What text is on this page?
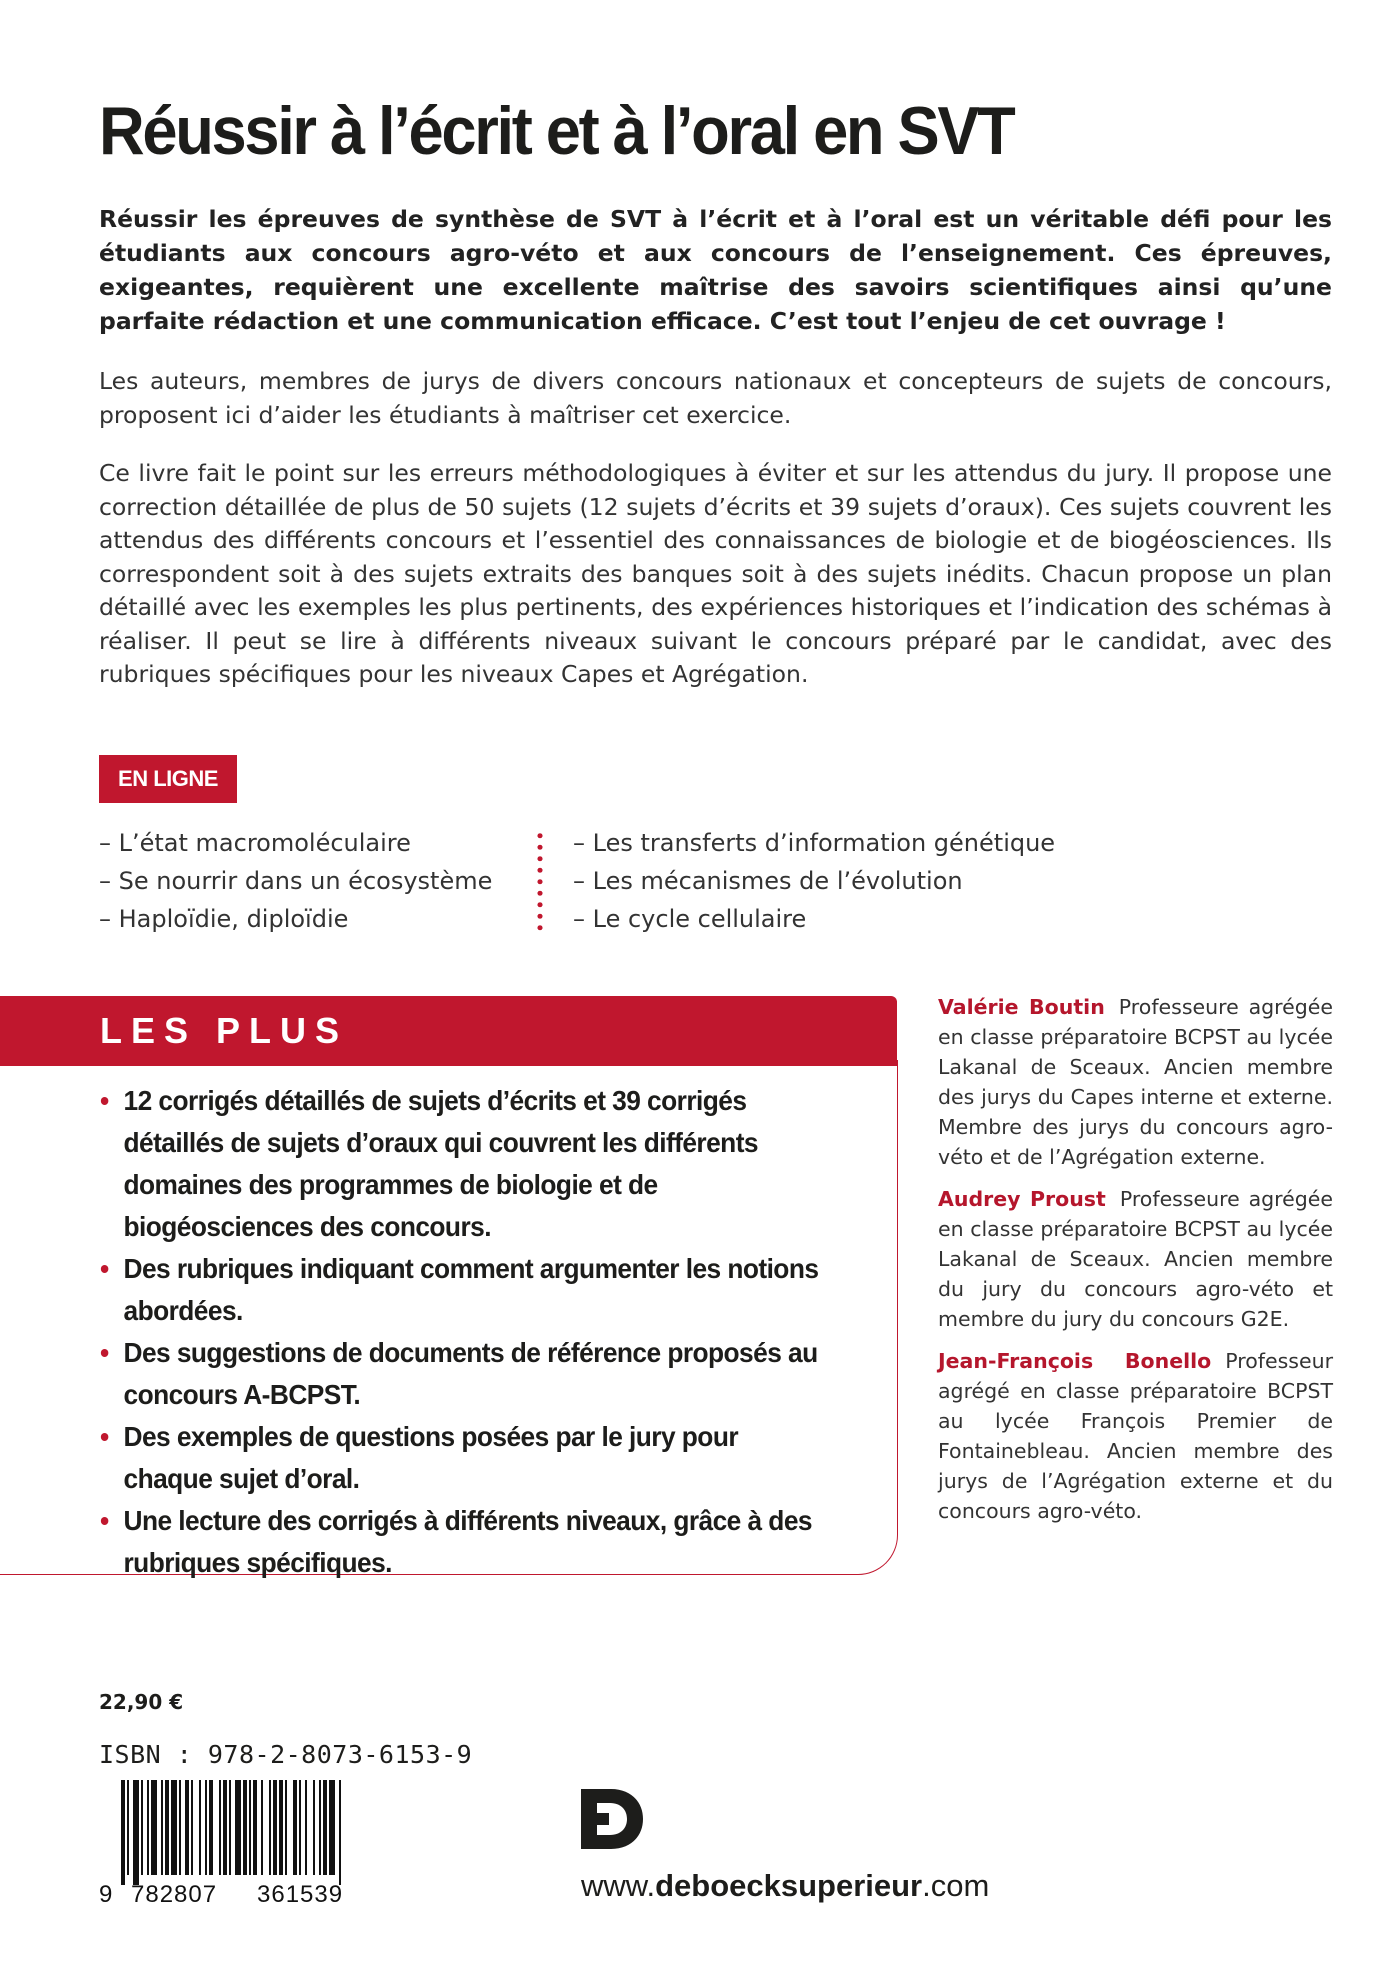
Réussir à l’écrit et à l’oral en SVT

Réussir les épreuves de synthèse de SVT à l’écrit et à l’oral est un véritable défi pour les étudiants aux concours agro-véto et aux concours de l’enseignement. Ces épreuves, exigeantes, requièrent une excellente maîtrise des savoirs scientifiques ainsi qu’une parfaite rédaction et une communication efficace. C’est tout l’enjeu de cet ouvrage !

Les auteurs, membres de jurys de divers concours nationaux et concepteurs de sujets de concours, proposent ici d’aider les étudiants à maîtriser cet exercice.

Ce livre fait le point sur les erreurs méthodologiques à éviter et sur les attendus du jury. Il propose une correction détaillée de plus de 50 sujets (12 sujets d’écrits et 39 sujets d’oraux). Ces sujets couvrent les attendus des différents concours et l’essentiel des connaissances de biologie et de biogéosciences. Ils correspondent soit à des sujets extraits des banques soit à des sujets inédits. Chacun propose un plan détaillé avec les exemples les plus pertinents, des expériences historiques et l’indication des schémas à réaliser. Il peut se lire à différents niveaux suivant le concours préparé par le candidat, avec des rubriques spécifiques pour les niveaux Capes et Agrégation.

EN LIGNE
– L’état macromoléculaire
– Se nourrir dans un écosystème
– Haploïdie, diploïdie
– Les transferts d’information génétique
– Les mécanismes de l’évolution
– Le cycle cellulaire
LES PLUS
• 12 corrigés détaillés de sujets d’écrits et 39 corrigés détaillés de sujets d’oraux qui couvrent les différents domaines des programmes de biologie et de biogéosciences des concours.
• Des rubriques indiquant comment argumenter les notions abordées.
• Des suggestions de documents de référence proposés au concours A-BCPST.
• Des exemples de questions posées par le jury pour chaque sujet d’oral.
• Une lecture des corrigés à différents niveaux, grâce à des rubriques spécifiques.

Valérie Boutin Professeure agrégée en classe préparatoire BCPST au lycée Lakanal de Sceaux. Ancien membre des jurys du Capes interne et externe. Membre des jurys du concours agro-véto et de l’Agrégation externe.

Audrey Proust Professeure agrégée en classe préparatoire BCPST au lycée Lakanal de Sceaux. Ancien membre du jury du concours agro-véto et membre du jury du concours G2E.

Jean-François Bonello Professeur agrégé en classe préparatoire BCPST au lycée François Premier de Fontainebleau. Ancien membre des jurys de l’Agrégation externe et du concours agro-véto.

22,90 €

ISBN : 978-2-8073-6153-9

9 782807 361539	www.deboecksuperieur.com
